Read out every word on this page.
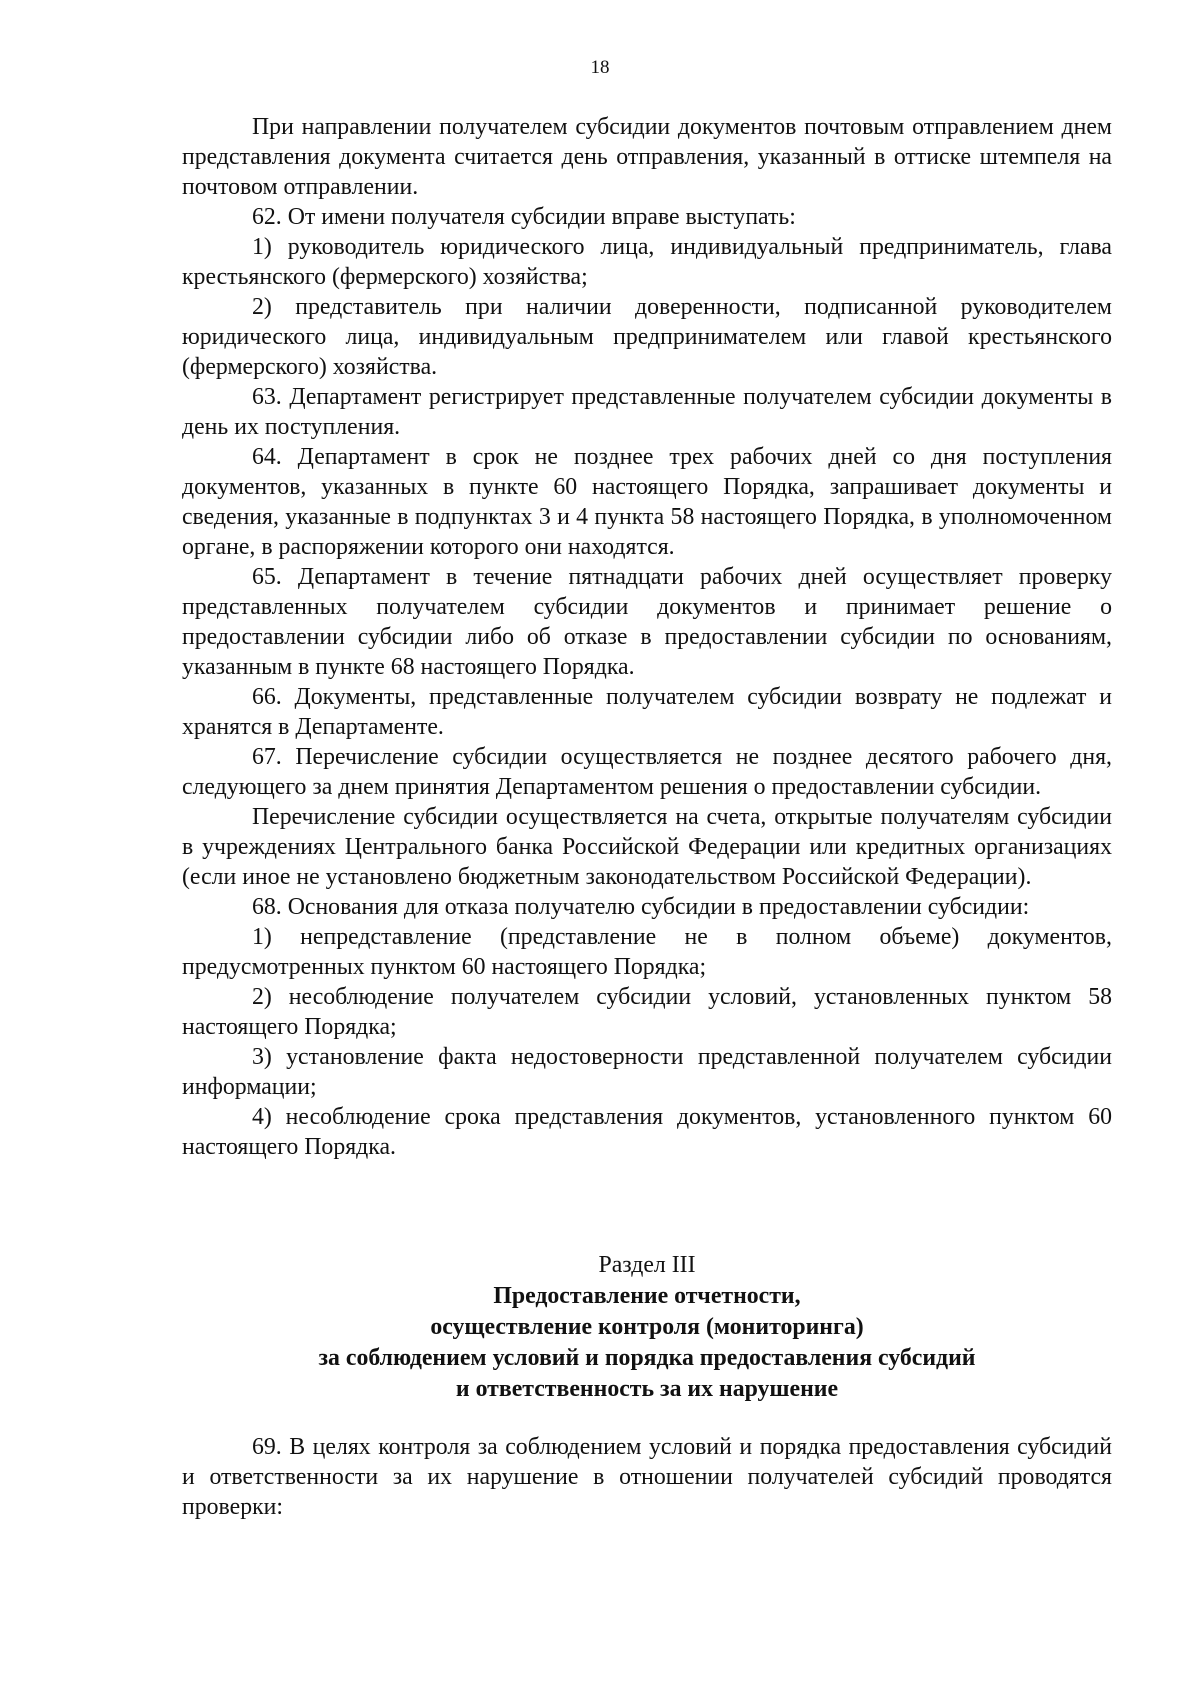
18

При направлении получателем субсидии документов почтовым отправлением днем представления документа считается день отправления, указанный в оттиске штемпеля на почтовом отправлении.

62. От имени получателя субсидии вправе выступать:

1) руководитель юридического лица, индивидуальный предприниматель, глава крестьянского (фермерского) хозяйства;

2) представитель при наличии доверенности, подписанной руководителем юридического лица, индивидуальным предпринимателем или главой крестьянского (фермерского) хозяйства.

63. Департамент регистрирует представленные получателем субсидии документы в день их поступления.

64. Департамент в срок не позднее трех рабочих дней со дня поступления документов, указанных в пункте 60 настоящего Порядка, запрашивает документы и сведения, указанные в подпунктах 3 и 4 пункта 58 настоящего Порядка, в уполномоченном органе, в распоряжении которого они находятся.

65. Департамент в течение пятнадцати рабочих дней осуществляет проверку представленных получателем субсидии документов и принимает решение о предоставлении субсидии либо об отказе в предоставлении субсидии по основаниям, указанным в пункте 68 настоящего Порядка.

66. Документы, представленные получателем субсидии возврату не подлежат и хранятся в Департаменте.

67. Перечисление субсидии осуществляется не позднее десятого рабочего дня, следующего за днем принятия Департаментом решения о предоставлении субсидии.

Перечисление субсидии осуществляется на счета, открытые получателям субсидии в учреждениях Центрального банка Российской Федерации или кредитных организациях (если иное не установлено бюджетным законодательством Российской Федерации).

68. Основания для отказа получателю субсидии в предоставлении субсидии:

1) непредставление (представление не в полном объеме) документов, предусмотренных пунктом 60 настоящего Порядка;

2) несоблюдение получателем субсидии условий, установленных пунктом 58 настоящего Порядка;

3) установление факта недостоверности представленной получателем субсидии информации;

4) несоблюдение срока представления документов, установленного пунктом 60 настоящего Порядка.

Раздел III

Предоставление отчетности,

осуществление контроля (мониторинга)

за соблюдением условий и порядка предоставления субсидий

и ответственность за их нарушение

69. В целях контроля за соблюдением условий и порядка предоставления субсидий и ответственности за их нарушение в отношении получателей субсидий проводятся проверки:
